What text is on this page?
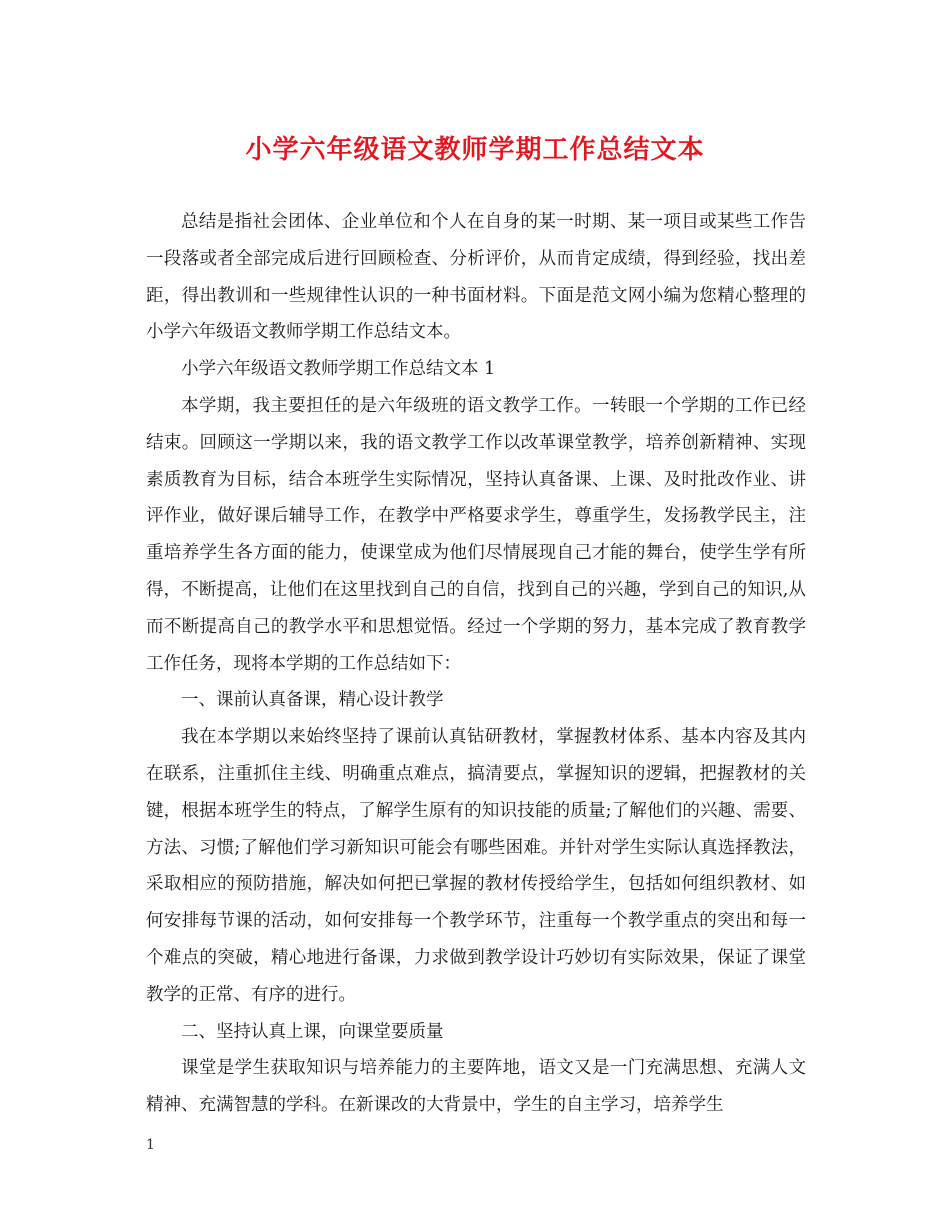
小学六年级语文教师学期工作总结文本

总结是指社会团体、企业单位和个人在自身的某一时期、某一项目或某些工作告一段落或者全部完成后进行回顾检查、分析评价，从而肯定成绩，得到经验，找出差距，得出教训和一些规律性认识的一种书面材料。下面是范文网小编为您精心整理的小学六年级语文教师学期工作总结文本。

小学六年级语文教师学期工作总结文本 1

本学期，我主要担任的是六年级班的语文教学工作。一转眼一个学期的工作已经结束。回顾这一学期以来，我的语文教学工作以改革课堂教学，培养创新精神、实现素质教育为目标，结合本班学生实际情况，坚持认真备课、上课、及时批改作业、讲评作业，做好课后辅导工作，在教学中严格要求学生，尊重学生，发扬教学民主，注重培养学生各方面的能力，使课堂成为他们尽情展现自己才能的舞台，使学生学有所得，不断提高，让他们在这里找到自己的自信，找到自己的兴趣，学到自己的知识,从而不断提高自己的教学水平和思想觉悟。经过一个学期的努力，基本完成了教育教学工作任务，现将本学期的工作总结如下：

一、课前认真备课，精心设计教学

我在本学期以来始终坚持了课前认真钻研教材，掌握教材体系、基本内容及其内在联系，注重抓住主线、明确重点难点，搞清要点，掌握知识的逻辑，把握教材的关键，根据本班学生的特点，了解学生原有的知识技能的质量;了解他们的兴趣、需要、方法、习惯;了解他们学习新知识可能会有哪些困难。并针对学生实际认真选择教法，采取相应的预防措施，解决如何把已掌握的教材传授给学生，包括如何组织教材、如何安排每节课的活动，如何安排每一个教学环节，注重每一个教学重点的突出和每一个难点的突破，精心地进行备课，力求做到教学设计巧妙切有实际效果，保证了课堂教学的正常、有序的进行。

二、坚持认真上课，向课堂要质量

课堂是学生获取知识与培养能力的主要阵地，语文又是一门充满思想、充满人文精神、充满智慧的学科。在新课改的大背景中，学生的自主学习，培养学生

1
